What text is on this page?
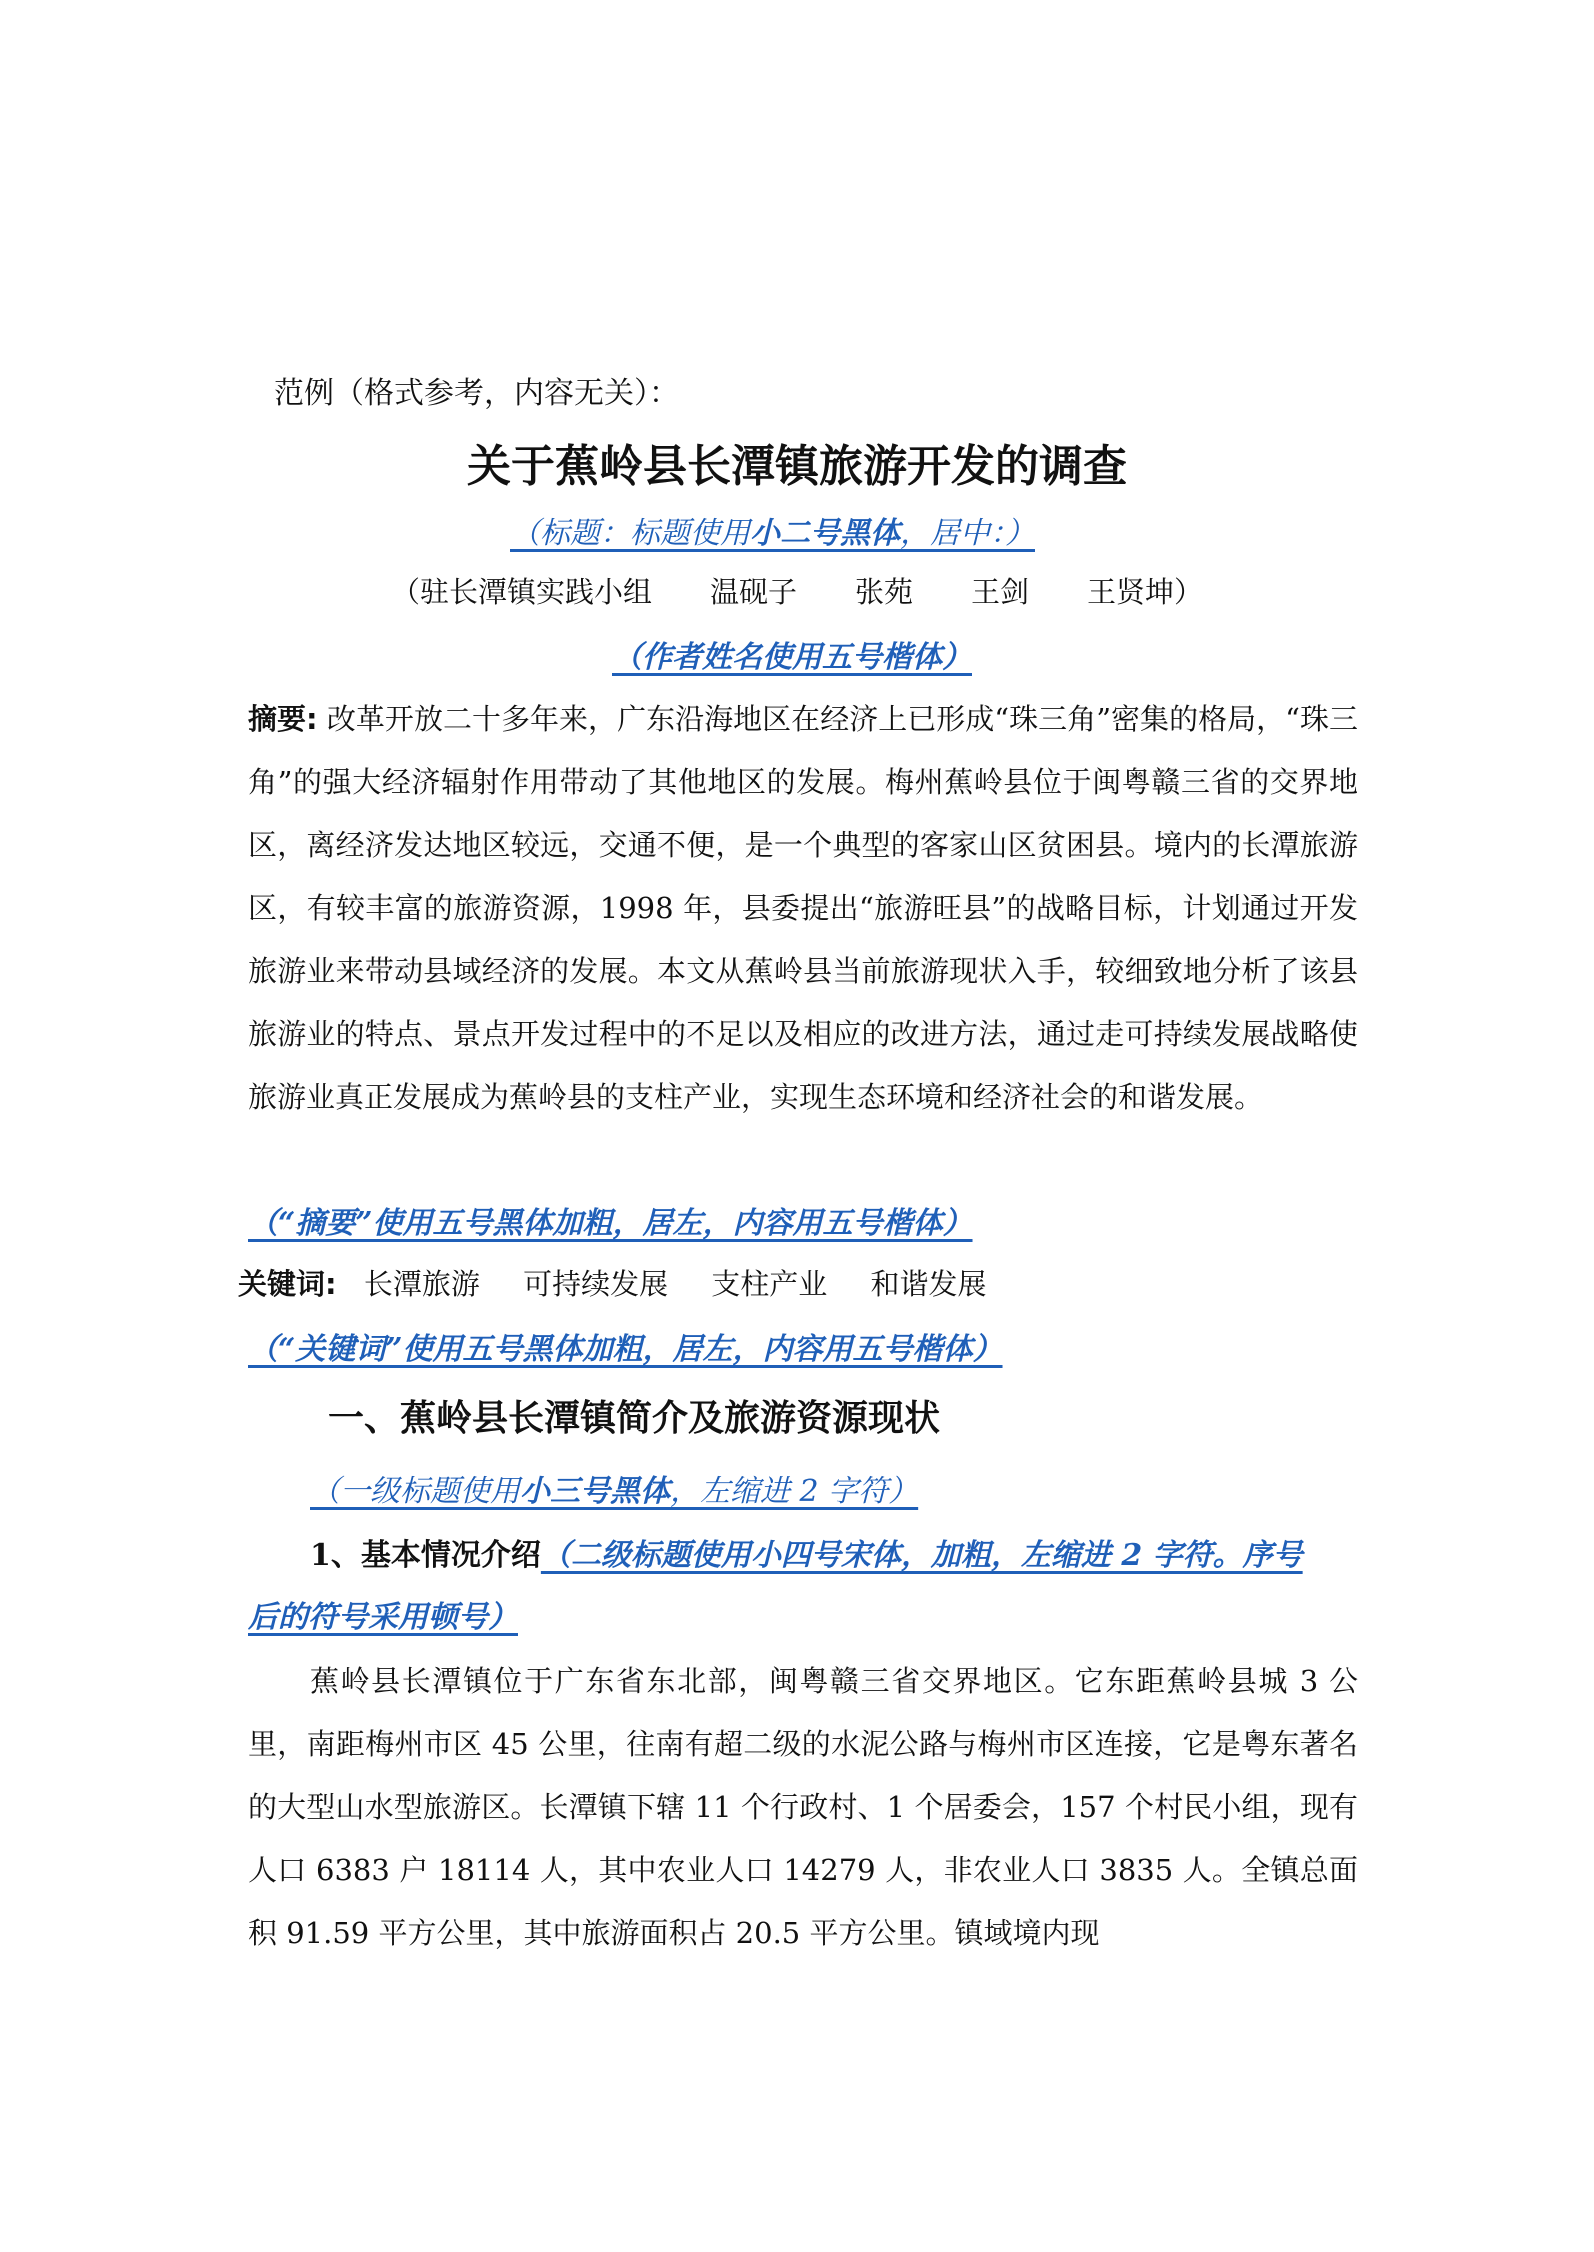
范例（格式参考，内容无关）：
关于蕉岭县长潭镇旅游开发的调查
（标题：标题使用小二号黑体，居中：）
（驻长潭镇实践小组　　温砚子　　张苑　　王剑　　王贤坤）
（作者姓名使用五号楷体）
摘要: 改革开放二十多年来，广东沿海地区在经济上已形成“珠三角”密集的格局，“珠三角”的强大经济辐射作用带动了其他地区的发展。梅州蕉岭县位于闽粤赣三省的交界地区，离经济发达地区较远，交通不便，是一个典型的客家山区贫困县。境内的长潭旅游区，有较丰富的旅游资源，1998 年，县委提出“旅游旺县”的战略目标，计划通过开发旅游业来带动县域经济的发展。本文从蕉岭县当前旅游现状入手，较细致地分析了该县旅游业的特点、景点开发过程中的不足以及相应的改进方法，通过走可持续发展战略使旅游业真正发展成为蕉岭县的支柱产业，实现生态环境和经济社会的和谐发展。
（“摘要”使用五号黑体加粗，居左，内容用五号楷体）
关键词: 长潭旅游 可持续发展 支柱产业 和谐发展
（“关键词”使用五号黑体加粗，居左，内容用五号楷体）
一、蕉岭县长潭镇简介及旅游资源现状
（一级标题使用小三号黑体，左缩进 2 字符）
1、基本情况介绍（二级标题使用小四号宋体，加粗，左缩进 2 字符。序号
后的符号采用顿号）
蕉岭县长潭镇位于广东省东北部，闽粤赣三省交界地区。它东距蕉岭县城 3 公里，南距梅州市区 45 公里，往南有超二级的水泥公路与梅州市区连接，它是粤东著名的大型山水型旅游区。长潭镇下辖 11 个行政村、1 个居委会，157 个村民小组，现有人口 6383 户 18114 人，其中农业人口 14279 人，非农业人口 3835 人。全镇总面积 91.59 平方公里，其中旅游面积占 20.5 平方公里。镇域境内现
